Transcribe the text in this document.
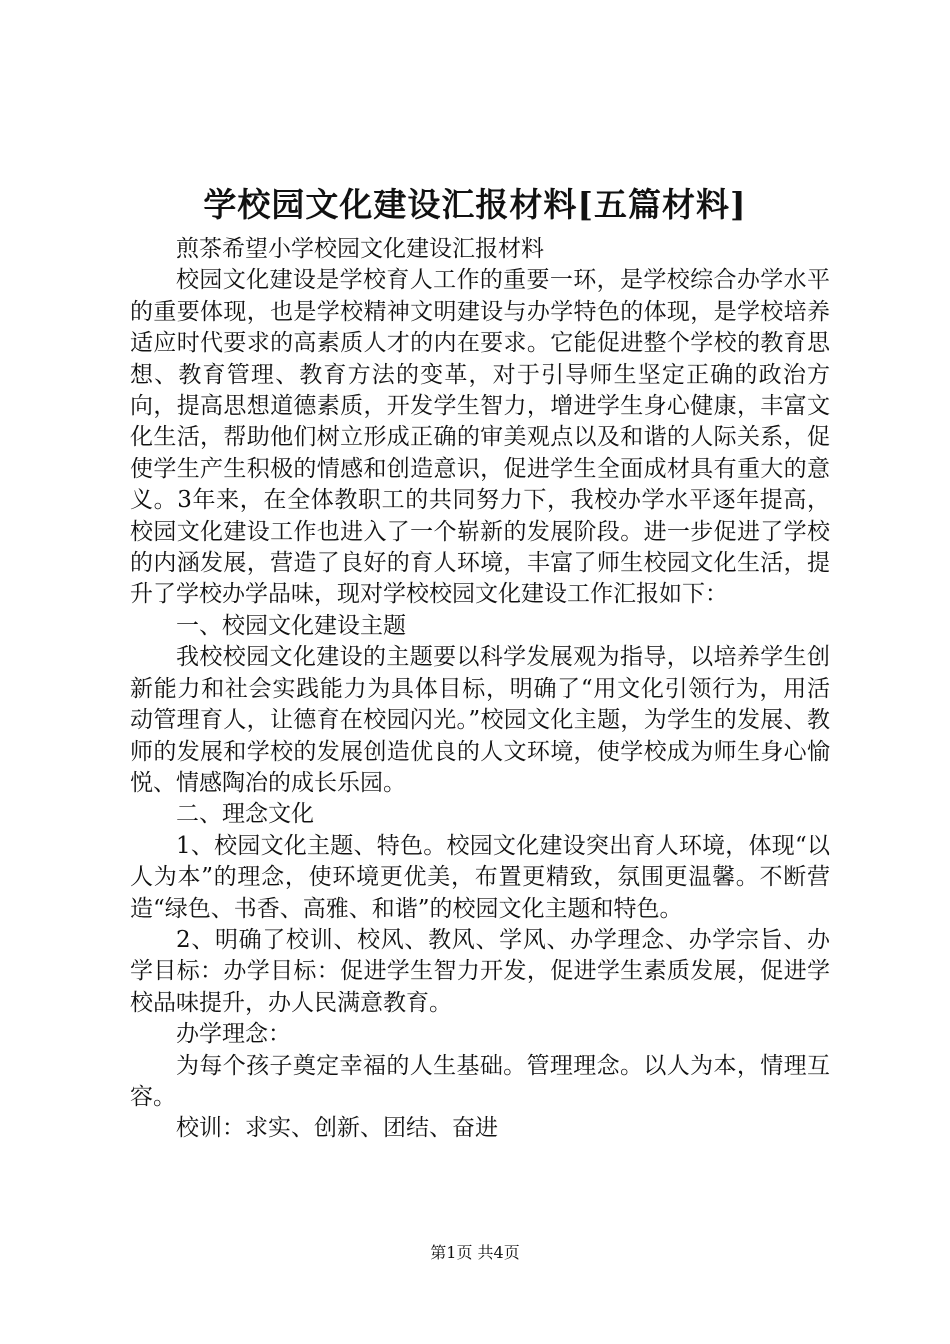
学校园文化建设汇报材料[五篇材料]

煎茶希望小学校园文化建设汇报材料

校园文化建设是学校育人工作的重要一环，是学校综合办学水平的重要体现，也是学校精神文明建设与办学特色的体现，是学校培养适应时代要求的高素质人才的内在要求。它能促进整个学校的教育思想、教育管理、教育方法的变革，对于引导师生坚定正确的政治方向，提高思想道德素质，开发学生智力，增进学生身心健康，丰富文化生活，帮助他们树立形成正确的审美观点以及和谐的人际关系，促使学生产生积极的情感和创造意识，促进学生全面成材具有重大的意义。3年来，在全体教职工的共同努力下，我校办学水平逐年提高，校园文化建设工作也进入了一个崭新的发展阶段。进一步促进了学校的内涵发展，营造了良好的育人环境，丰富了师生校园文化生活，提升了学校办学品味，现对学校校园文化建设工作汇报如下：

一、校园文化建设主题

我校校园文化建设的主题要以科学发展观为指导，以培养学生创新能力和社会实践能力为具体目标，明确了“用文化引领行为，用活动管理育人，让德育在校园闪光。”校园文化主题，为学生的发展、教师的发展和学校的发展创造优良的人文环境，使学校成为师生身心愉悦、情感陶冶的成长乐园。

二、理念文化

1、校园文化主题、特色。校园文化建设突出育人环境，体现“以人为本”的理念，使环境更优美，布置更精致，氛围更温馨。不断营造“绿色、书香、高雅、和谐”的校园文化主题和特色。

2、明确了校训、校风、教风、学风、办学理念、办学宗旨、办学目标：办学目标：促进学生智力开发，促进学生素质发展，促进学校品味提升，办人民满意教育。

办学理念：

为每个孩子奠定幸福的人生基础。管理理念。以人为本，情理互容。

校训：求实、创新、团结、奋进

第1页 共4页
